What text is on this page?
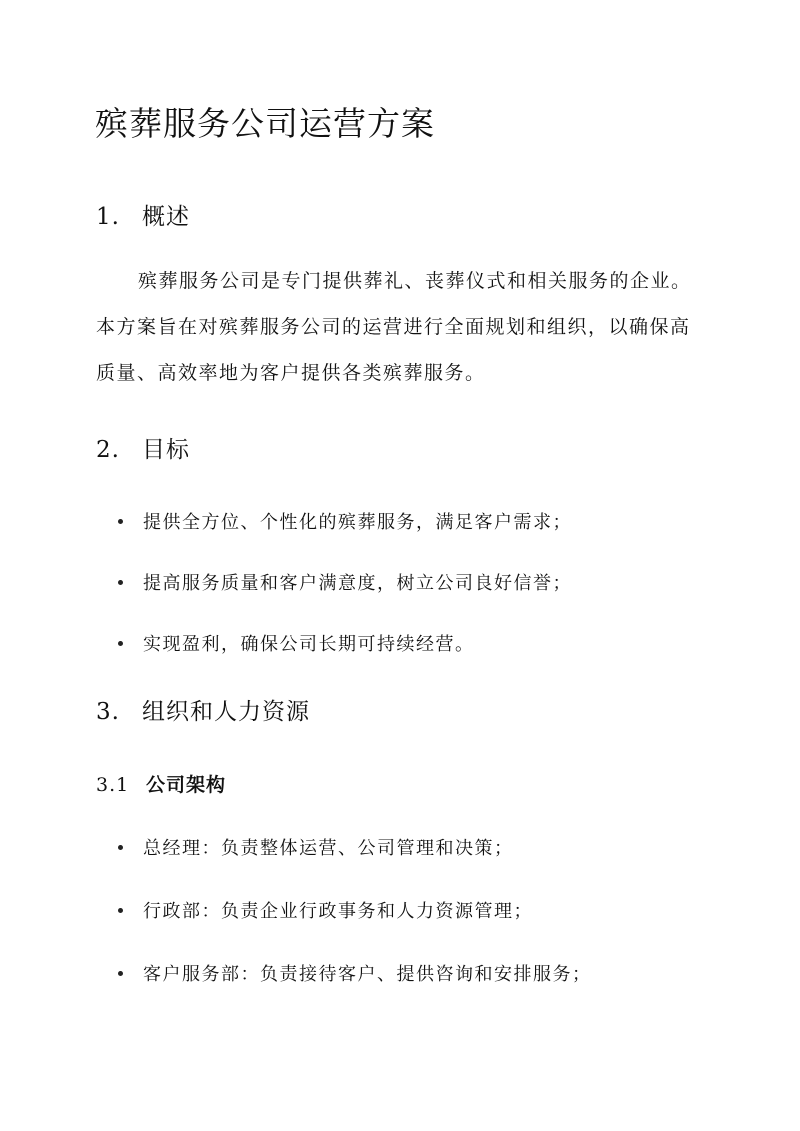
殡葬服务公司运营方案
1. 概述

殡葬服务公司是专门提供葬礼、丧葬仪式和相关服务的企业。
本方案旨在对殡葬服务公司的运营进行全面规划和组织，以确保高
质量、高效率地为客户提供各类殡葬服务。

2. 目标

提供全方位、个性化的殡葬服务，满足客户需求；

提高服务质量和客户满意度，树立公司良好信誉；

实现盈利，确保公司长期可持续经营。

3. 组织和人力资源
3.1 公司架构

总经理：负责整体运营、公司管理和决策；

行政部：负责企业行政事务和人力资源管理；

客户服务部：负责接待客户、提供咨询和安排服务；
